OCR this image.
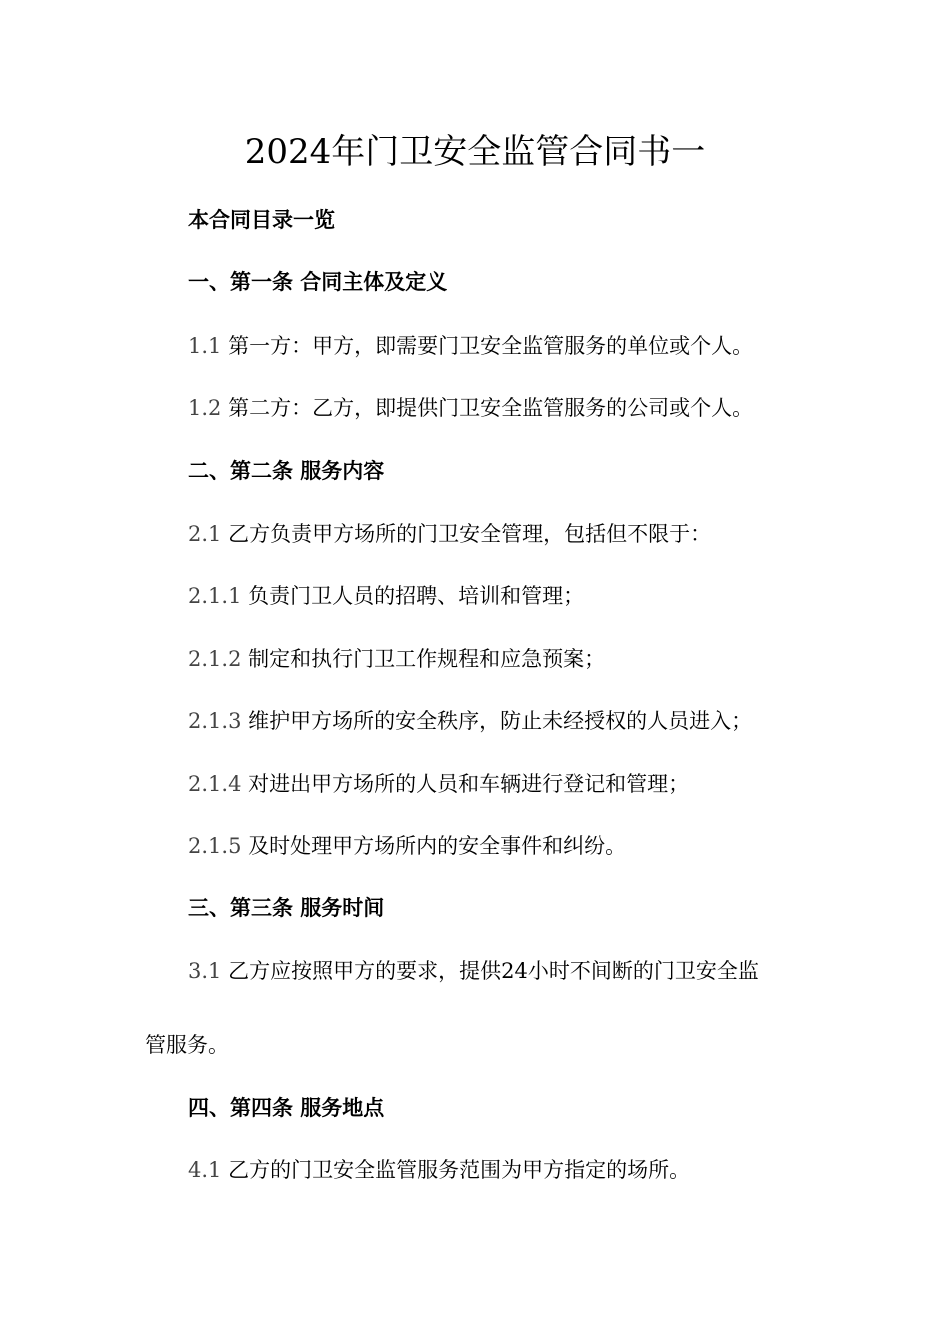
2024年门卫安全监管合同书一

本合同目录一览

一、第一条 合同主体及定义

1.1 第一方：甲方，即需要门卫安全监管服务的单位或个人。

1.2 第二方：乙方，即提供门卫安全监管服务的公司或个人。

二、第二条 服务内容

2.1 乙方负责甲方场所的门卫安全管理，包括但不限于：

2.1.1 负责门卫人员的招聘、培训和管理；

2.1.2 制定和执行门卫工作规程和应急预案；

2.1.3 维护甲方场所的安全秩序，防止未经授权的人员进入；

2.1.4 对进出甲方场所的人员和车辆进行登记和管理；

2.1.5 及时处理甲方场所内的安全事件和纠纷。

三、第三条 服务时间

3.1 乙方应按照甲方的要求，提供24小时不间断的门卫安全监

管服务。

四、第四条 服务地点

4.1 乙方的门卫安全监管服务范围为甲方指定的场所。
